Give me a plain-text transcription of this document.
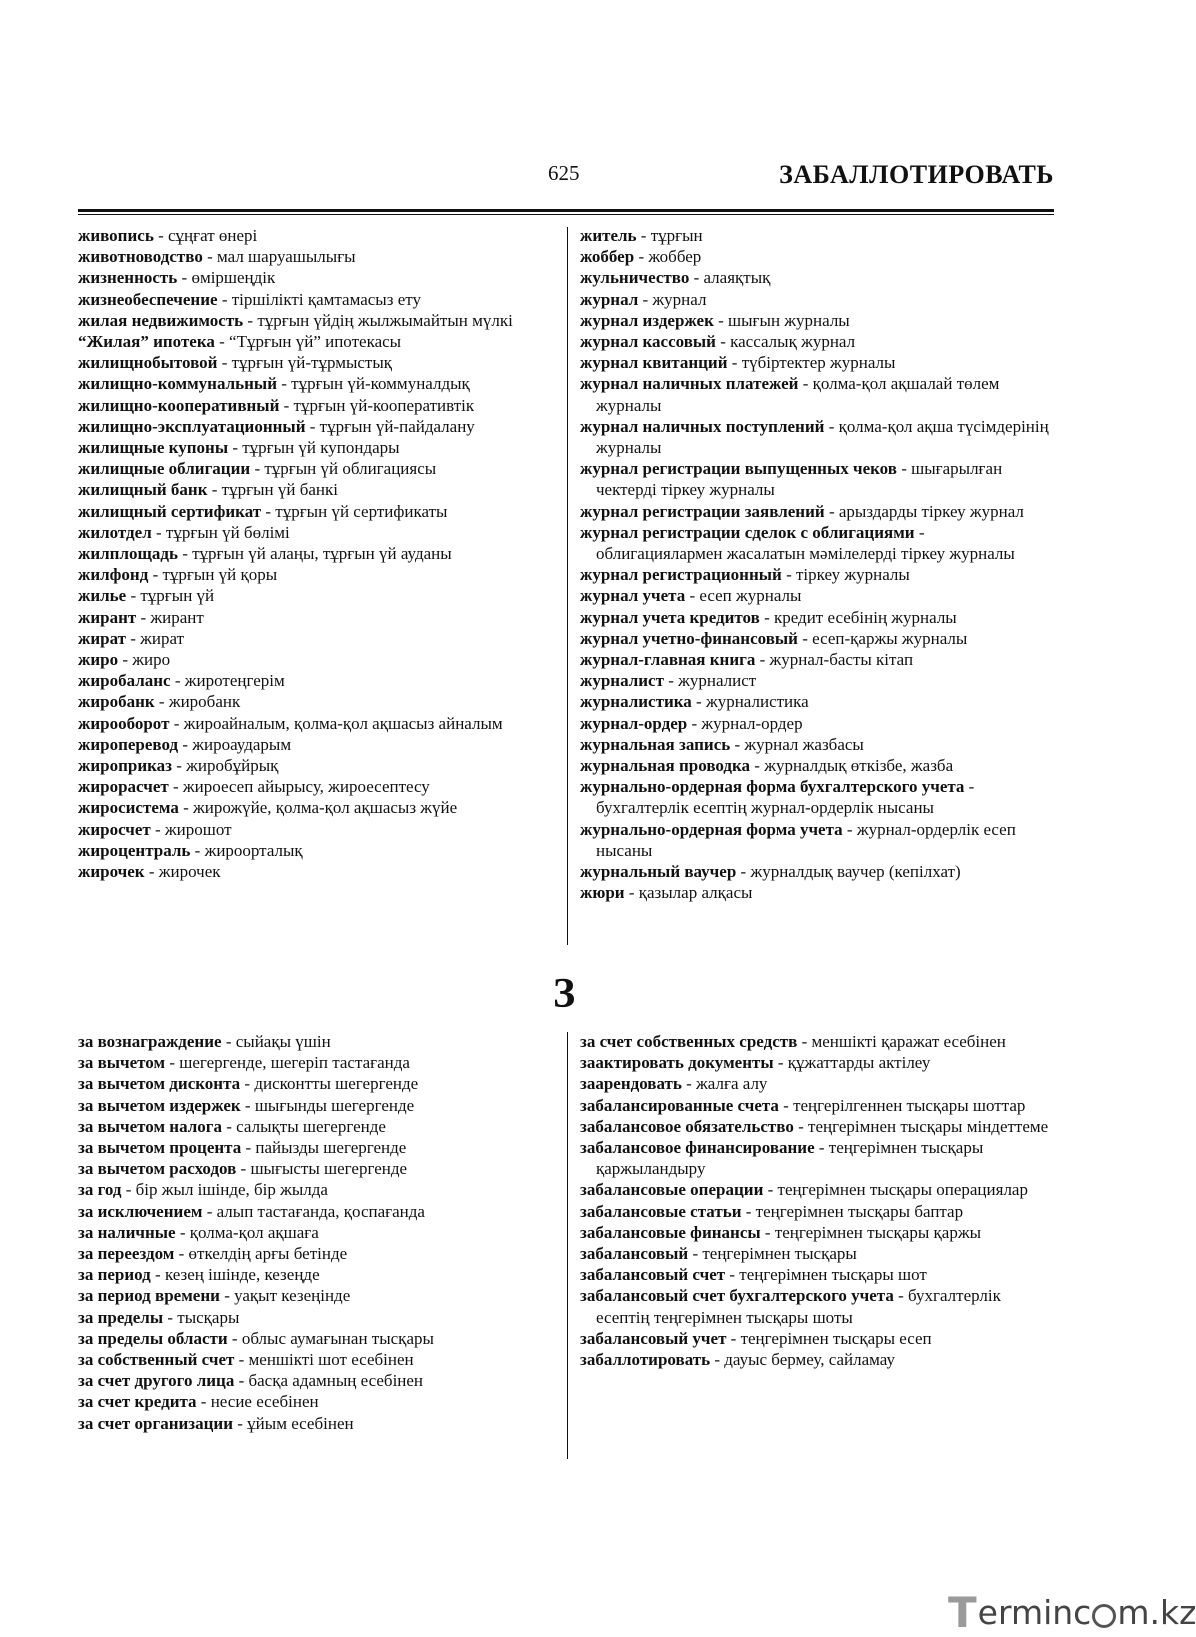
625	ЗАБАЛЛОТИРОВАТЬ

живопись - сұңғат өнері

животноводство - мал шаруашылығы

жизненность - өміршеңдік

жизнеобеспечение - тіршілікті қамтамасыз ету

жилая недвижимость - тұрғын үйдің жылжымайтын мүлкі

“Жилая” ипотека - “Тұрғын үй” ипотекасы

жилищнобытовой - тұрғын үй-тұрмыстық

жилищно-коммунальный - тұрғын үй-коммуналдық

жилищно-кооперативный - тұрғын үй-кооперативтік

жилищно-эксплуатационный - тұрғын үй-пайдалану

жилищные купоны - тұрғын үй купондары

жилищные облигации - тұрғын үй облигациясы

жилищный банк - тұрғын үй банкі

жилищный сертификат - тұрғын үй сертификаты

жилотдел - тұрғын үй бөлімі

жилплощадь - тұрғын үй алаңы, тұрғын үй ауданы

жилфонд - тұрғын үй қоры

жилье - тұрғын үй

жирант - жирант

жират - жират

жиро - жиро

жиробаланс - жиротеңгерім

жиробанк - жиробанк

жирооборот - жироайналым, қолма-қол ақшасыз айналым

жироперевод - жироаударым

жироприказ - жиробұйрық

жирорасчет - жироесеп айырысу, жироесептесу

жиросистема - жирожүйе, қолма-қол ақшасыз жүйе

жиросчет - жирошот

жироцентраль - жироорталық

жирочек - жирочек

житель - тұрғын

жоббер - жоббер

жульничество - алаяқтық

журнал - журнал

журнал издержек - шығын журналы

журнал кассовый - кассалық журнал

журнал квитанций - түбіртектер журналы

журнал наличных платежей - қолма-қол ақшалай төлем журналы

журнал наличных поступлений - қолма-қол ақша түсімдерінің журналы

журнал регистрации выпущенных чеков - шығарылған чектерді тіркеу журналы

журнал регистрации заявлений - арыздарды тіркеу журнал

журнал регистрации сделок с облигациями - облигациялармен жасалатын мәмілелерді тіркеу журналы

журнал регистрационный - тіркеу журналы

журнал учета - есеп журналы

журнал учета кредитов - кредит есебінің журналы

журнал учетно-финансовый - есеп-қаржы журналы

журнал-главная книга - журнал-басты кітап

журналист - журналист

журналистика - журналистика

журнал-ордер - журнал-ордер

журнальная запись - журнал жазбасы

журнальная проводка - журналдық өткізбе, жазба

журнально-ордерная форма бухгалтерского учета - бухгалтерлік есептің журнал-ордерлік нысаны

журнально-ордерная форма учета - журнал-ордерлік есеп нысаны

журнальный ваучер - журналдық ваучер (кепілхат)

жюри - қазылар алқасы

З

за вознаграждение - сыйақы үшін

за вычетом - шегергенде, шегеріп тастағанда

за вычетом дисконта - дисконтты шегергенде

за вычетом издержек - шығынды шегергенде

за вычетом налога - салықты шегергенде

за вычетом процента - пайызды шегергенде

за вычетом расходов - шығысты шегергенде

за год - бір жыл ішінде, бір жылда

за исключением - алып тастағанда, қоспағанда

за наличные - қолма-қол ақшаға

за переездом - өткелдің арғы бетінде

за период - кезең ішінде, кезеңде

за период времени - уақыт кезеңінде

за пределы - тысқары

за пределы области - облыс аумағынан тысқары

за собственный счет - меншікті шот есебінен

за счет другого лица - басқа адамның есебінен

за счет кредита - несие есебінен

за счет организации - ұйым есебінен

за счет собственных средств - меншікті қаражат есебінен

заактировать документы - құжаттарды актілеу

заарендовать - жалға алу

забалансированные счета - теңгерілгеннен тысқары шоттар

забалансовое обязательство - теңгерімнен тысқары міндеттеме

забалансовое финансирование - теңгерімнен тысқары қаржыландыру

забалансовые операции - теңгерімнен тысқары операциялар

забалансовые статьи - теңгерімнен тысқары баптар

забалансовые финансы - теңгерімнен тысқары қаржы

забалансовый - теңгерімнен тысқары

забалансовый счет - теңгерімнен тысқары шот

забалансовый счет бухгалтерского учета - бухгалтерлік есептің теңгерімнен тысқары шоты

забалансовый учет - теңгерімнен тысқары есеп

забаллотировать - дауыс бермеу, сайламау

T erminc m.kz
